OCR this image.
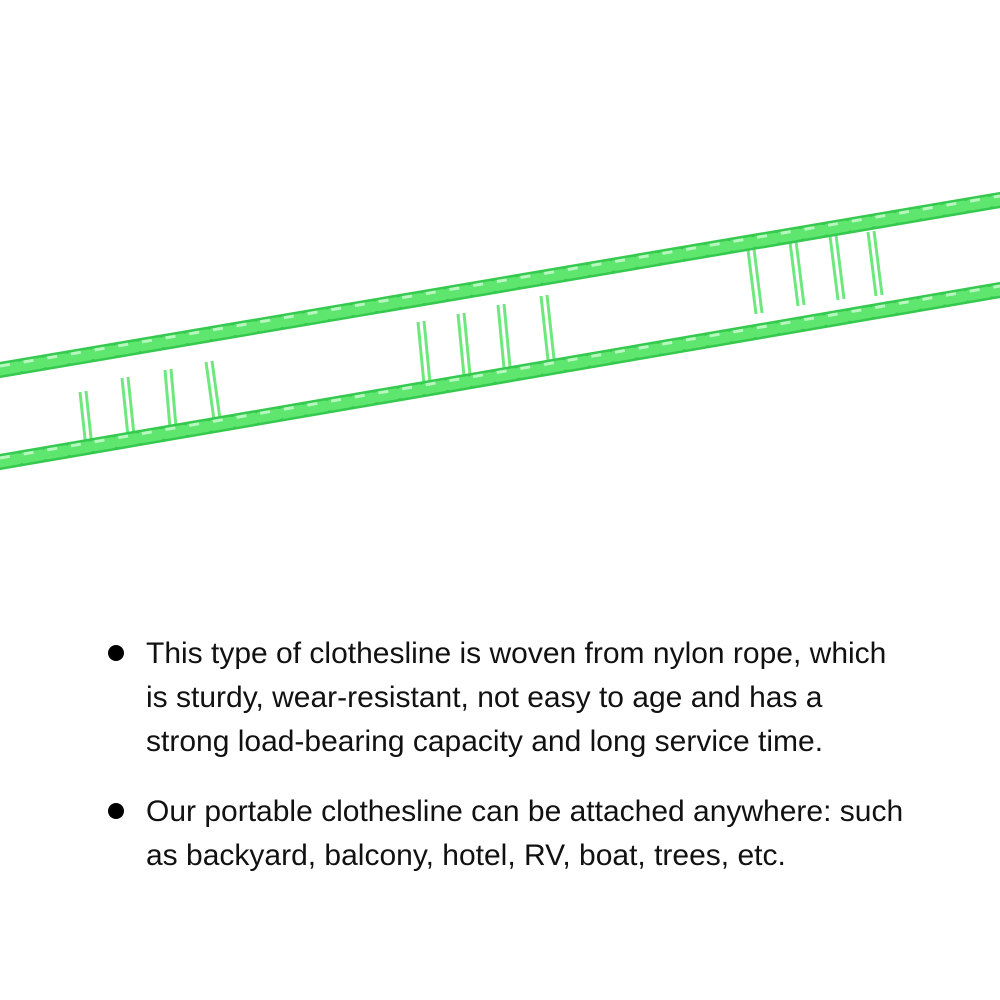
This type of clothesline is woven from nylon rope, which is sturdy, wear-resistant, not easy to age and has a strong load-bearing capacity and long service time.
Our portable clothesline can be attached anywhere: such as backyard, balcony, hotel, RV, boat, trees, etc.
